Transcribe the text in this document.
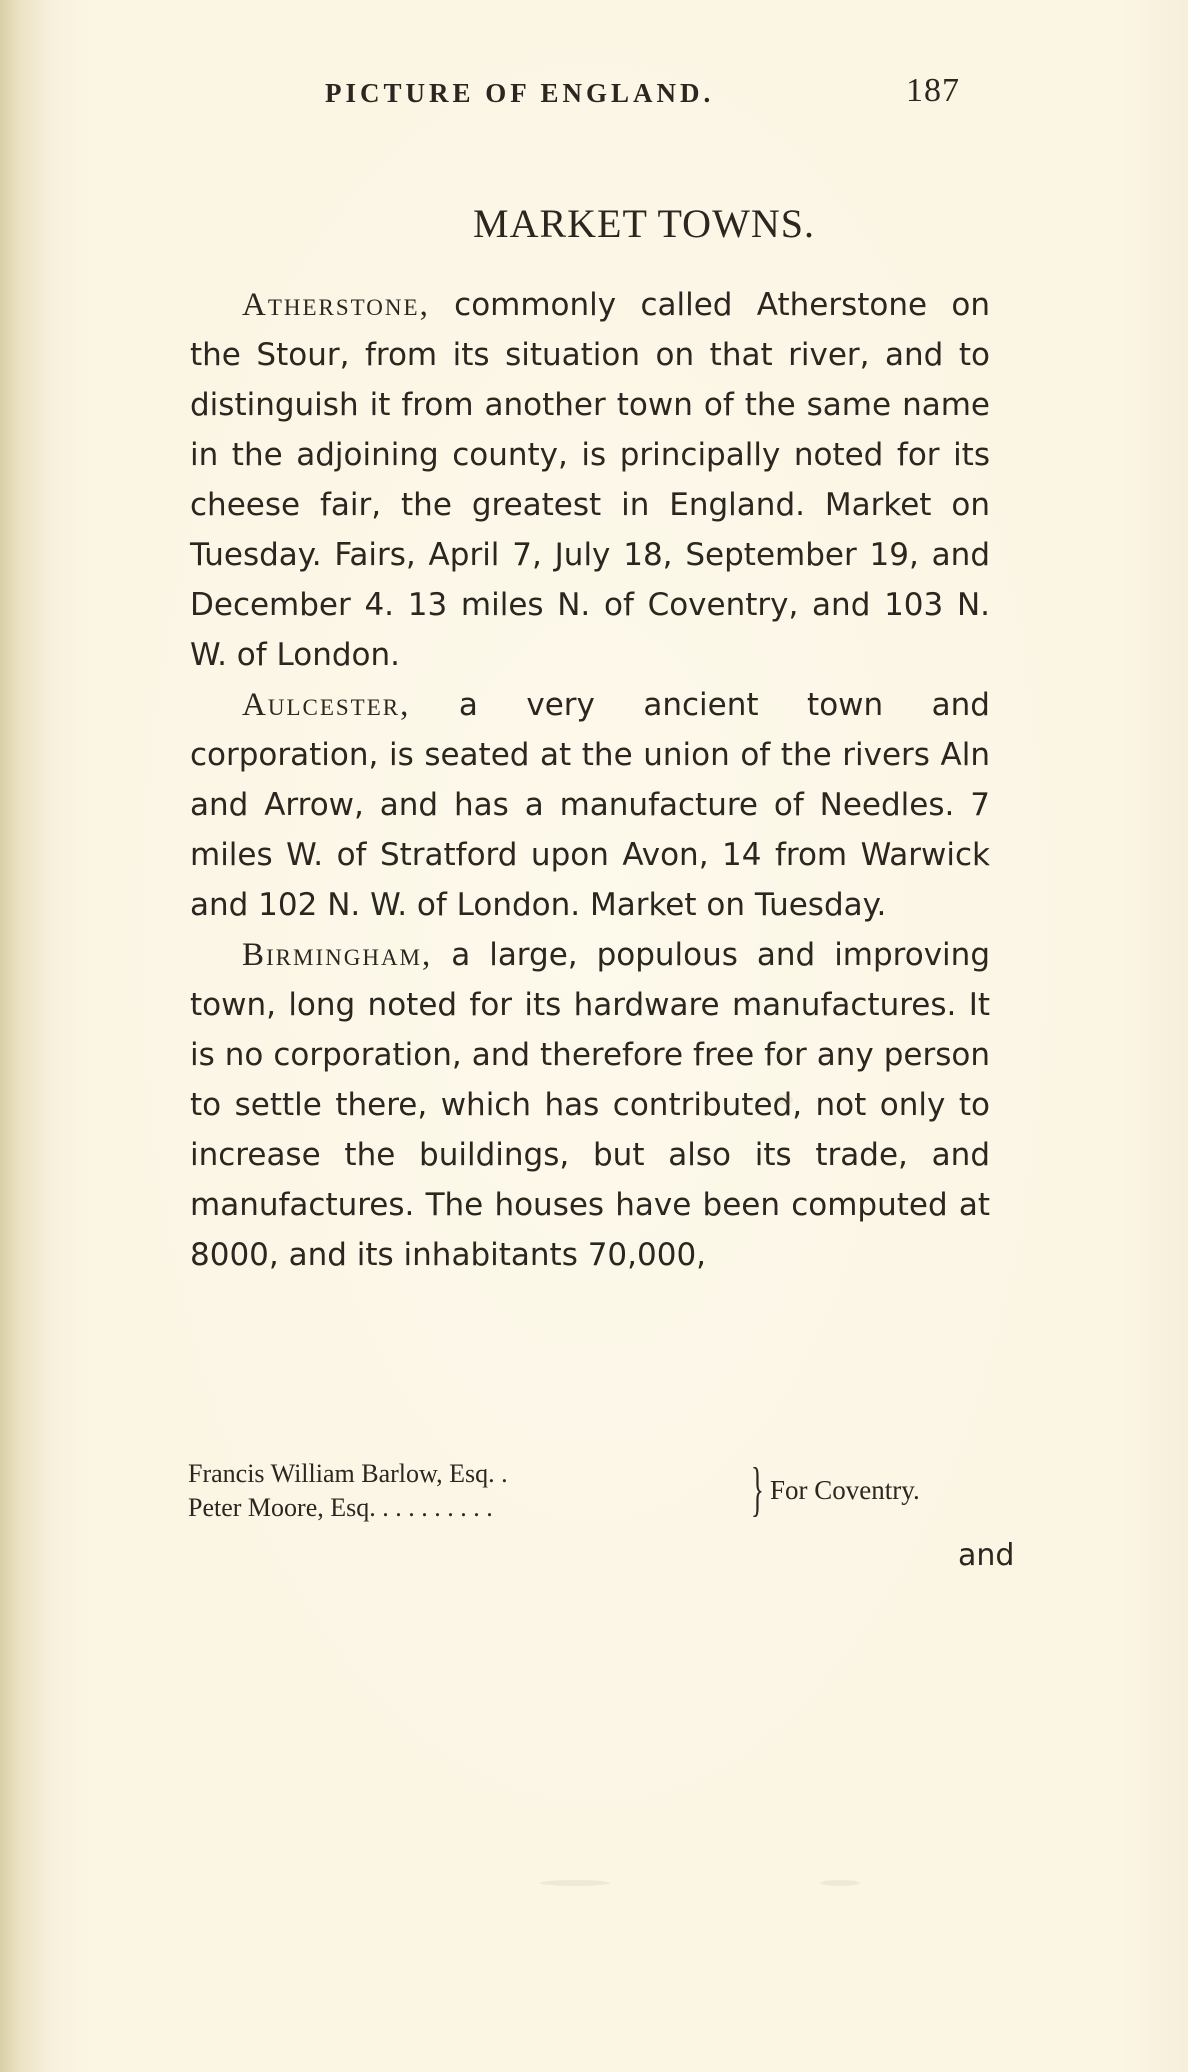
PICTURE OF ENGLAND.	187
MARKET TOWNS.

Atherstone, commonly called Atherstone on the Stour, from its situation on that river, and to distinguish it from another town of the same name in the adjoining county, is principally noted for its cheese fair, the greatest in England. Market on Tuesday. Fairs, April 7, July 18, September 19, and December 4. 13 miles N. of Coventry, and 103 N. W. of London.

Aulcester, a very ancient town and corporation, is seated at the union of the rivers Aln and Arrow, and has a manufacture of Needles. 7 miles W. of Stratford upon Avon, 14 from Warwick and 102 N. W. of London. Market on Tuesday.

Birmingham, a large, populous and improving town, long noted for its hardware manufactures. It is no corporation, and therefore free for any person to settle there, which has contributed, not only to increase the buildings, but also its trade, and manufactures. The houses have been computed at 8000, and its inhabitants 70,000,

Francis William Barlow, Esq. .
Peter Moore, Esq. . . . . . . . . .	} For Coventry.
and
